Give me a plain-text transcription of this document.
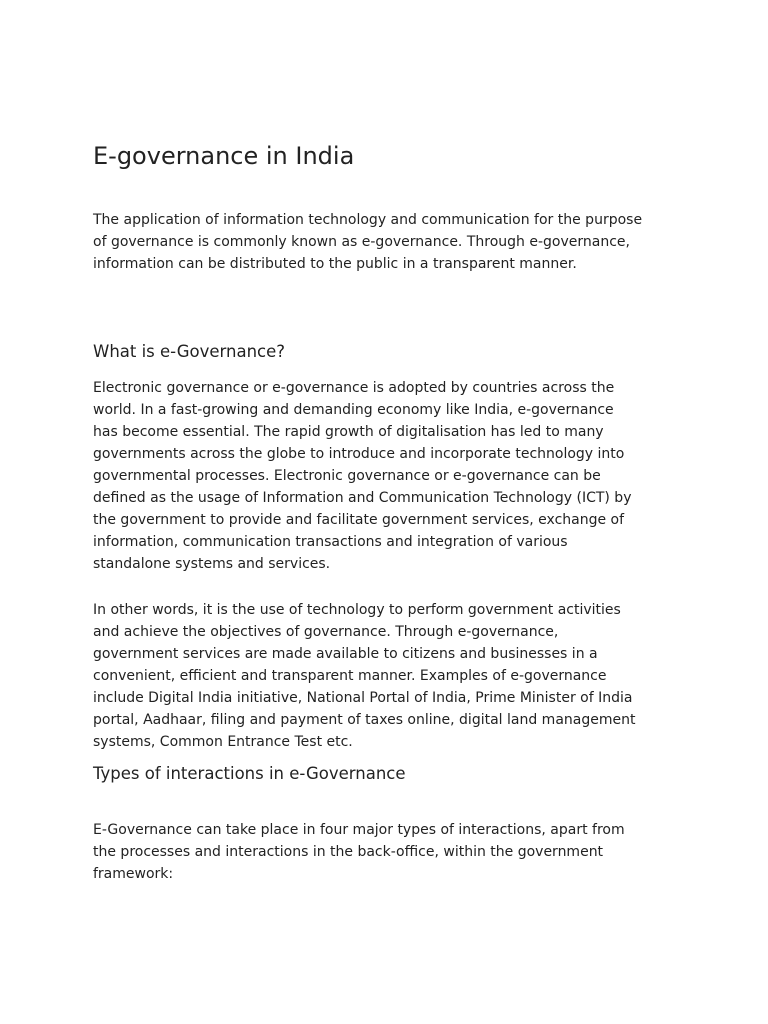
E-governance in India

The application of information technology and communication for the purpose
of governance is commonly known as e-governance. Through e-governance,
information can be distributed to the public in a transparent manner.

What is e-Governance?

Electronic governance or e-governance is adopted by countries across the
world. In a fast-growing and demanding economy like India, e-governance
has become essential. The rapid growth of digitalisation has led to many
governments across the globe to introduce and incorporate technology into
governmental processes. Electronic governance or e-governance can be
defined as the usage of Information and Communication Technology (ICT) by
the government to provide and facilitate government services, exchange of
information, communication transactions and integration of various
standalone systems and services.

In other words, it is the use of technology to perform government activities
and achieve the objectives of governance. Through e-governance,
government services are made available to citizens and businesses in a
convenient, efficient and transparent manner. Examples of e-governance
include Digital India initiative, National Portal of India, Prime Minister of India
portal, Aadhaar, filing and payment of taxes online, digital land management
systems, Common Entrance Test etc.

Types of interactions in e-Governance

E-Governance can take place in four major types of interactions, apart from
the processes and interactions in the back-office, within the government
framework:
